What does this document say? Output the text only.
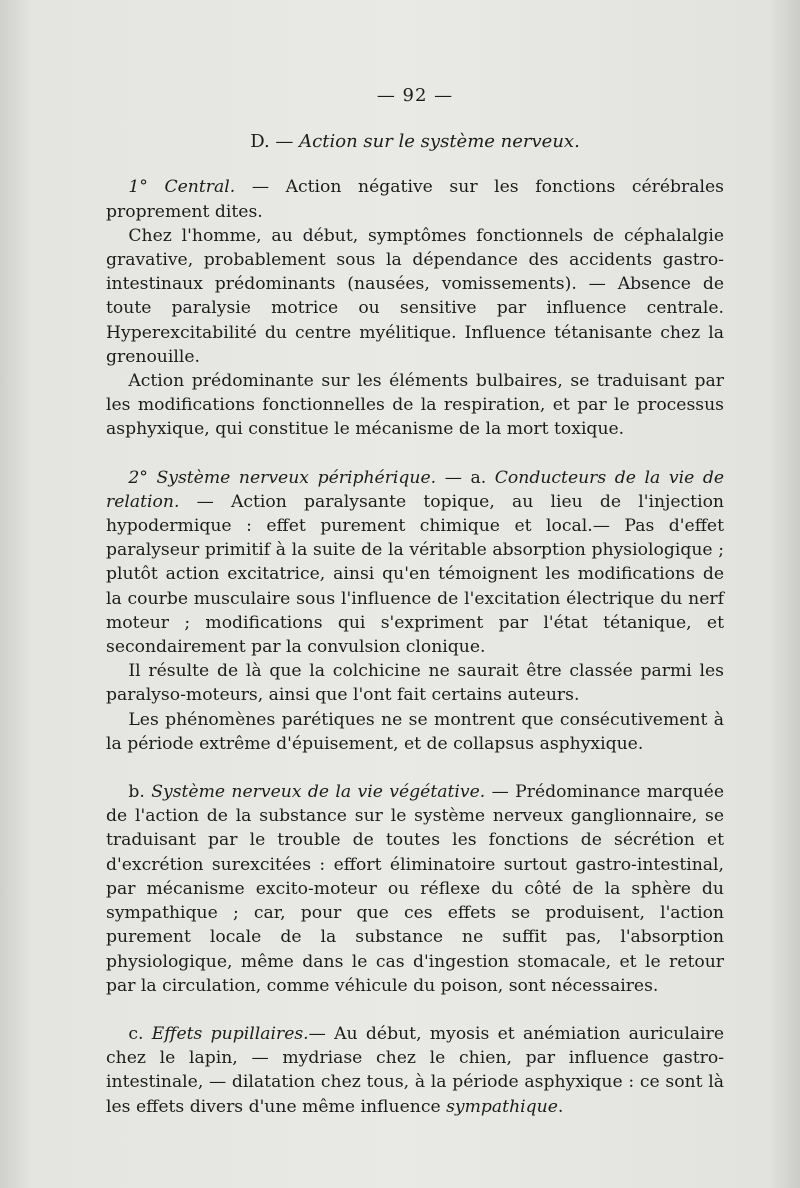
— 92 —
D. — Action sur le système nerveux.

1° Central. — Action négative sur les fonctions cérébrales proprement dites.

Chez l'homme, au début, symptômes fonctionnels de céphalalgie gravative, probablement sous la dépendance des accidents gastro-intestinaux prédominants (nausées, vomissements). — Absence de toute paralysie motrice ou sensitive par influence centrale. Hyperexcitabilité du centre myélitique. Influence tétanisante chez la grenouille.

Action prédominante sur les éléments bulbaires, se traduisant par les modifications fonctionnelles de la respiration, et par le processus asphyxique, qui constitue le mécanisme de la mort toxique.

2° Système nerveux périphérique. — a. Conducteurs de la vie de relation. — Action paralysante topique, au lieu de l'injection hypodermique : effet purement chimique et local.— Pas d'effet paralyseur primitif à la suite de la véritable absorption physiologique ; plutôt action excitatrice, ainsi qu'en témoignent les modifications de la courbe musculaire sous l'influence de l'excitation électrique du nerf moteur ; modifications qui s'expriment par l'état tétanique, et secondairement par la convulsion clonique.

Il résulte de là que la colchicine ne saurait être classée parmi les paralyso-moteurs, ainsi que l'ont fait certains auteurs.

Les phénomènes parétiques ne se montrent que consécutivement à la période extrême d'épuisement, et de collapsus asphyxique.

b. Système nerveux de la vie végétative. — Prédominance marquée de l'action de la substance sur le système nerveux ganglionnaire, se traduisant par le trouble de toutes les fonctions de sécrétion et d'excrétion surexcitées : effort éliminatoire surtout gastro-intestinal, par mécanisme excito-moteur ou réflexe du côté de la sphère du sympathique ; car, pour que ces effets se produisent, l'action purement locale de la substance ne suffit pas, l'absorption physiologique, même dans le cas d'ingestion stomacale, et le retour par la circulation, comme véhicule du poison, sont nécessaires.

c. Effets pupillaires.— Au début, myosis et anémiation auriculaire chez le lapin, — mydriase chez le chien, par influence gastro-intestinale, — dilatation chez tous, à la période asphyxique : ce sont là les effets divers d'une même influence sympathique.
